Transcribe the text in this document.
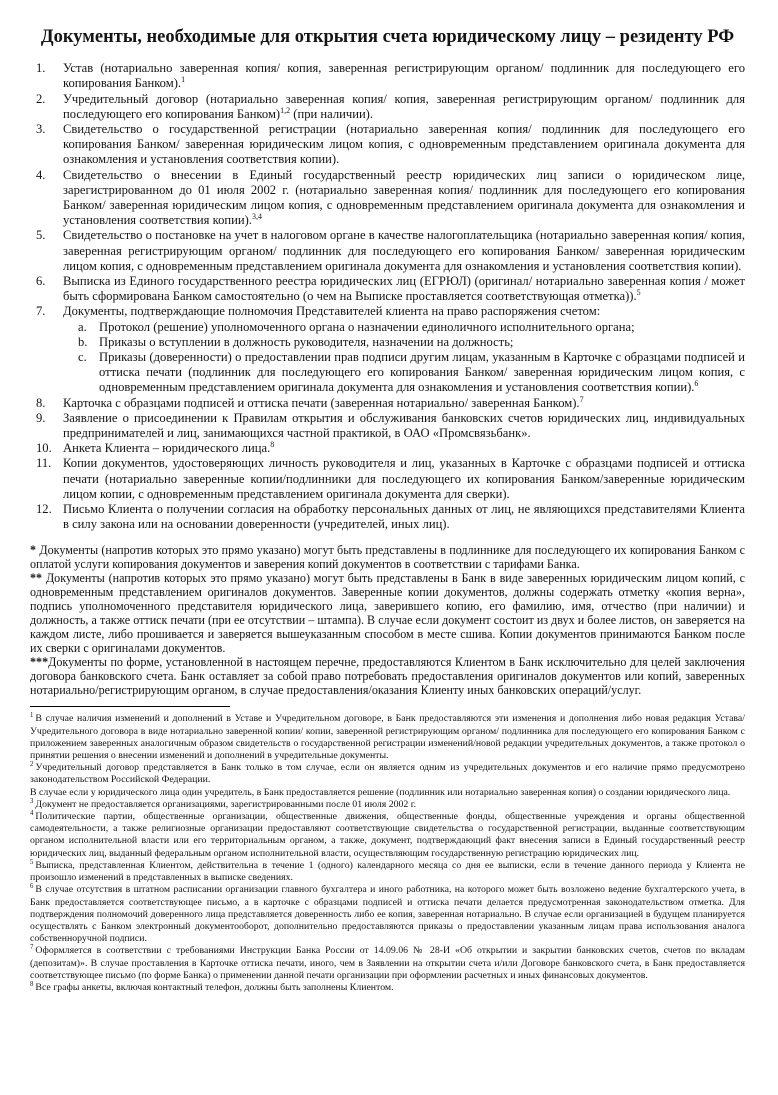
Документы, необходимые для открытия счета юридическому лицу – резиденту РФ
1. Устав (нотариально заверенная копия/ копия, заверенная регистрирующим органом/ подлинник для последующего его копирования Банком).$^1$
2. Учредительный договор (нотариально заверенная копия/ копия, заверенная регистрирующим органом/ подлинник для последующего его копирования Банком)$^{1,2}$ (при наличии).
3. Свидетельство о государственной регистрации (нотариально заверенная копия/ подлинник для последующего его копирования Банком/ заверенная юридическим лицом копия, с одновременным представлением оригинала документа для ознакомления и установления соответствия копии).
4. Свидетельство о внесении в Единый государственный реестр юридических лиц записи о юридическом лице, зарегистрированном до 01 июля 2002 г. (нотариально заверенная копия/ подлинник для последующего его копирования Банком/ заверенная юридическим лицом копия, с одновременным представлением оригинала документа для ознакомления и установления соответствия копии).$^{3,4}$
5. Свидетельство о постановке на учет в налоговом органе в качестве налогоплательщика (нотариально заверенная копия/ копия, заверенная регистрирующим органом/ подлинник для последующего его копирования Банком/ заверенная юридическим лицом копия, с одновременным представлением оригинала документа для ознакомления и установления соответствия копии).
6. Выписка из Единого государственного реестра юридических лиц (ЕГРЮЛ) (оригинал/ нотариально заверенная копия / может быть сформирована Банком самостоятельно (о чем на Выписке проставляется соответствующая отметка)).$^5$
7. Документы, подтверждающие полномочия Представителей клиента на право распоряжения счетом:
a. Протокол (решение) уполномоченного органа о назначении единоличного исполнительного органа;
b. Приказы о вступлении в должность руководителя, назначении на должность;
c. Приказы (доверенности) о предоставлении прав подписи другим лицам, указанным в Карточке с образцами подписей и оттиска печати (подлинник для последующего его копирования Банком/ заверенная юридическим лицом копия, с одновременным представлением оригинала документа для ознакомления и установления соответствия копии).$^6$
8. Карточка с образцами подписей и оттиска печати (заверенная нотариально/ заверенная Банком).$^7$
9. Заявление о присоединении к Правилам открытия и обслуживания банковских счетов юридических лиц, индивидуальных предпринимателей и лиц, занимающихся частной практикой, в ОАО «Промсвязьбанк».
10. Анкета Клиента – юридического лица.$^8$
11. Копии документов, удостоверяющих личность руководителя и лиц, указанных в Карточке с образцами подписей и оттиска печати (нотариально заверенные копии/подлинники для последующего их копирования Банком/заверенные юридическим лицом копии, с одновременным представлением оригинала документа для сверки).
12. Письмо Клиента о получении согласия на обработку персональных данных от лиц, не являющихся представителями Клиента в силу закона или на основании доверенности (учредителей, иных лиц).

* Документы (напротив которых это прямо указано) могут быть представлены в подлиннике для последующего их копирования Банком с оплатой услуги копирования документов и заверения копий документов в соответствии с тарифами Банка.

** Документы (напротив которых это прямо указано) могут быть представлены в Банк в виде заверенных юридическим лицом копий, с одновременным представлением оригиналов документов. Заверенные копии документов, должны содержать отметку «копия верна», подпись уполномоченного представителя юридического лица, заверившего копию, его фамилию, имя, отчество (при наличии) и должность, а также оттиск печати (при ее отсутствии – штампа). В случае если документ состоит из двух и более листов, он заверяется на каждом листе, либо прошивается и заверяется вышеуказанным способом в месте сшива. Копии документов принимаются Банком после их сверки с оригиналами документов.

***Документы по форме, установленной в настоящем перечне, предоставляются Клиентом в Банк исключительно для целей заключения договора банковского счета. Банк оставляет за собой право потребовать предоставления оригиналов документов или копий, заверенных нотариально/регистрирующим органом, в случае предоставления/оказания Клиенту иных банковских операций/услуг.

$^1$ В случае наличия изменений и дополнений в Уставе и Учредительном договоре, в Банк предоставляются эти изменения и дополнения либо новая редакция Устава/Учредительного договора в виде нотариально заверенной копии/ копии, заверенной регистрирующим органом/ подлинника для последующего его копирования Банком с приложением заверенных аналогичным образом свидетельств о государственной регистрации изменений/новой редакции учредительных документов, а также протокол о принятии решения о внесении изменений и дополнений в учредительные документы.

$^2$ Учредительный договор представляется в Банк только в том случае, если он является одним из учредительных документов и его наличие прямо предусмотрено законодательством Российской Федерации.

В случае если у юридического лица один учредитель, в Банк предоставляется решение (подлинник или нотариально заверенная копия) о создании юридического лица.

$^3$ Документ не предоставляется организациями, зарегистрированными после 01 июля 2002 г.

$^4$ Политические партии, общественные организации, общественные движения, общественные фонды, общественные учреждения и органы общественной самодеятельности, а также религиозные организации предоставляют соответствующие свидетельства о государственной регистрации, выданные соответствующим органом исполнительной власти или его территориальным органом, а также, документ, подтверждающий факт внесения записи в Единый государственный реестр юридических лиц, выданный федеральным органом исполнительной власти, осуществляющим государственную регистрацию юридических лиц.

$^5$ Выписка, представленная Клиентом, действительна в течение 1 (одного) календарного месяца со дня ее выписки, если в течение данного периода у Клиента не произошло изменений в представленных в выписке сведениях.

$^6$ В случае отсутствия в штатном расписании организации главного бухгалтера и иного работника, на которого может быть возложено ведение бухгалтерского учета, в Банк предоставляется соответствующее письмо, а в карточке с образцами подписей и оттиска печати делается предусмотренная законодательством отметка. Для подтверждения полномочий доверенного лица представляется доверенность либо ее копия, заверенная нотариально. В случае если организацией в будущем планируется осуществлять с Банком электронный документооборот, дополнительно предоставляются приказы о предоставлении указанным лицам права использования аналога собственноручной подписи.

$^7$ Оформляется в соответствии с требованиями Инструкции Банка России от 14.09.06 № 28-И «Об открытии и закрытии банковских счетов, счетов по вкладам (депозитам)». В случае проставления в Карточке оттиска печати, иного, чем в Заявлении на открытии счета и/или Договоре банковского счета, в Банк предоставляется соответствующее письмо (по форме Банка) о применении данной печати организации при оформлении расчетных и иных финансовых документов.

$^8$ Все графы анкеты, включая контактный телефон, должны быть заполнены Клиентом.
